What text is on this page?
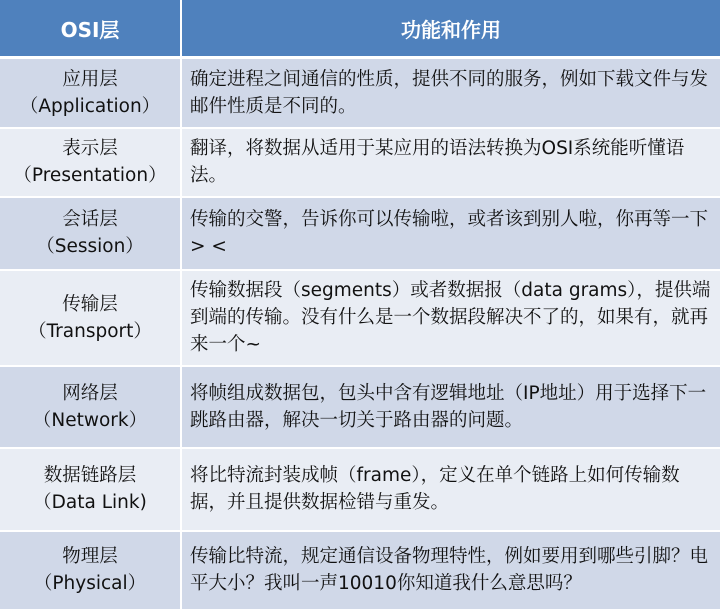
OSI层	功能和作用

应用层
（Application）	确定进程之间通信的性质，提供不同的服务，例如下载文件与发邮件性质是不同的。

表示层
（Presentation）	翻译，将数据从适用于某应用的语法转换为OSI系统能听懂语法。

会话层
（Session）	传输的交警，告诉你可以传输啦，或者该到别人啦，你再等一下> <

传输层
（Transport）	传输数据段（segments）或者数据报（data grams），提供端到端的传输。没有什么是一个数据段解决不了的，如果有，就再来一个~

网络层
（Network）	将帧组成数据包，包头中含有逻辑地址（IP地址）用于选择下一跳路由器，解决一切关于路由器的问题。

数据链路层
（Data Link)	将比特流封装成帧（frame），定义在单个链路上如何传输数据，并且提供数据检错与重发。

物理层
（Physical）	传输比特流，规定通信设备物理特性，例如要用到哪些引脚？电平大小？我叫一声10010你知道我什么意思吗？
